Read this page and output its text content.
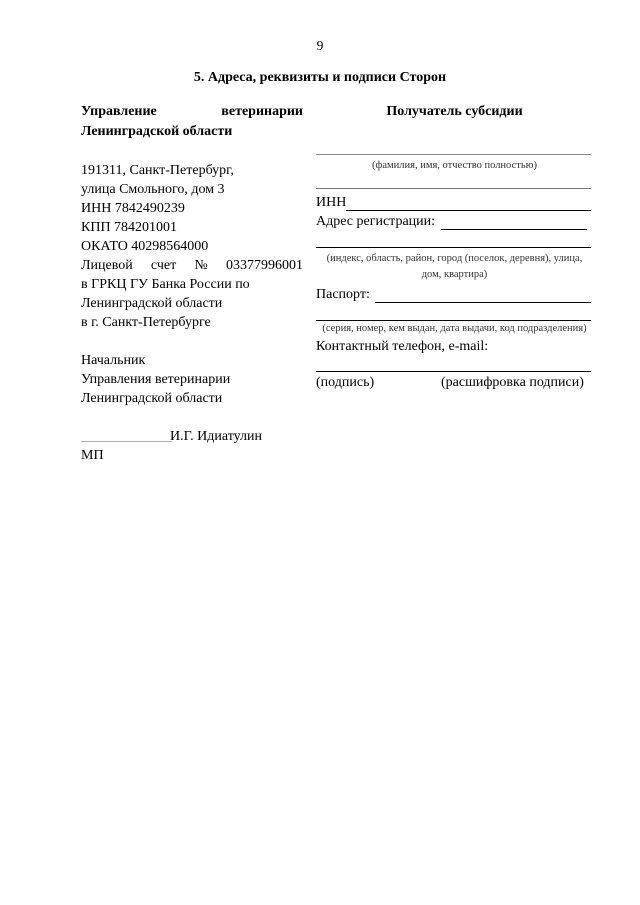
9
5. Адреса, реквизиты и подписи Сторон
Управление	ветеринарии
Ленинградской области
191311, Санкт-Петербург,
улица Смольного, дом 3
ИНН 7842490239
КПП 784201001
ОКАТО 40298564000
Лицевой счет № 03377996001
в ГРКЦ ГУ Банка России по
Ленинградской области
в г. Санкт-Петербурге
Начальник
Управления ветеринарии
Ленинградской области
_____________
И.Г. Идиатулин
МП
Получатель субсидии
(фамилия, имя, отчество полностью)
ИНН
Адрес регистрации:
(индекс, область, район, город (поселок, деревня), улица,
дом, квартира)
Паспорт:
(серия, номер, кем выдан, дата выдачи, код подразделения)
Контактный телефон, e-mail:
(подпись)	(расшифровка подписи)
